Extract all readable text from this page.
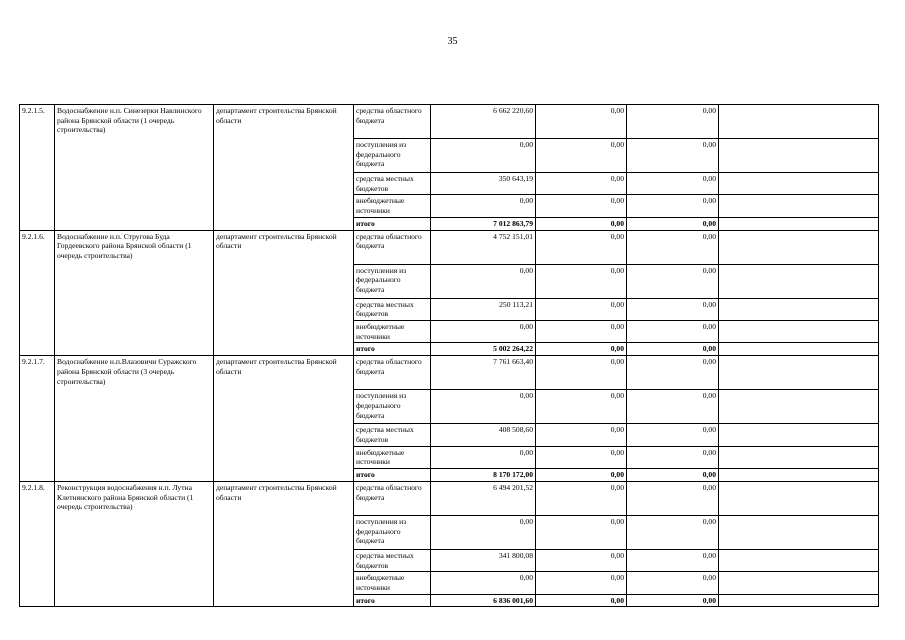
35
9.2.1.5.	Водоснабжение н.п. Синезерки Навлинского района Брянской области (1 очередь строительства)	департамент строительства Брянской области	средства областного бюджета	6 662 220,60	0,00	0,00	
			поступления из федерального бюджета	0,00	0,00	0,00	
			средства местных бюджетов	350 643,19	0,00	0,00	
			внебюджетные источники	0,00	0,00	0,00	
			итого	7 012 863,79	0,00	0,00	
9.2.1.6.	Водоснабжение н.п. Стругова Буда Гордеевского района Брянской области (1 очередь строительства)	департамент строительства Брянской области	средства областного бюджета	4 752 151,01	0,00	0,00	
			поступления из федерального бюджета	0,00	0,00	0,00	
			средства местных бюджетов	250 113,21	0,00	0,00	
			внебюджетные источники	0,00	0,00	0,00	
			итого	5 002 264,22	0,00	0,00	
9.2.1.7.	Водоснабжение н.п.Влазовичи Суражского района Брянской области (3 очередь строительства)	департамент строительства Брянской области	средства областного бюджета	7 761 663,40	0,00	0,00	
			поступления из федерального бюджета	0,00	0,00	0,00	
			средства местных бюджетов	408 508,60	0,00	0,00	
			внебюджетные источники	0,00	0,00	0,00	
			итого	8 170 172,00	0,00	0,00	
9.2.1.8.	Реконструкция водоснабжения н.п. Лутна Клетнянского района Брянской области (1 очередь строительства)	департамент строительства Брянской области	средства областного бюджета	6 494 201,52	0,00	0,00	
			поступления из федерального бюджета	0,00	0,00	0,00	
			средства местных бюджетов	341 800,08	0,00	0,00	
			внебюджетные источники	0,00	0,00	0,00	
			итого	6 836 001,60	0,00	0,00	
